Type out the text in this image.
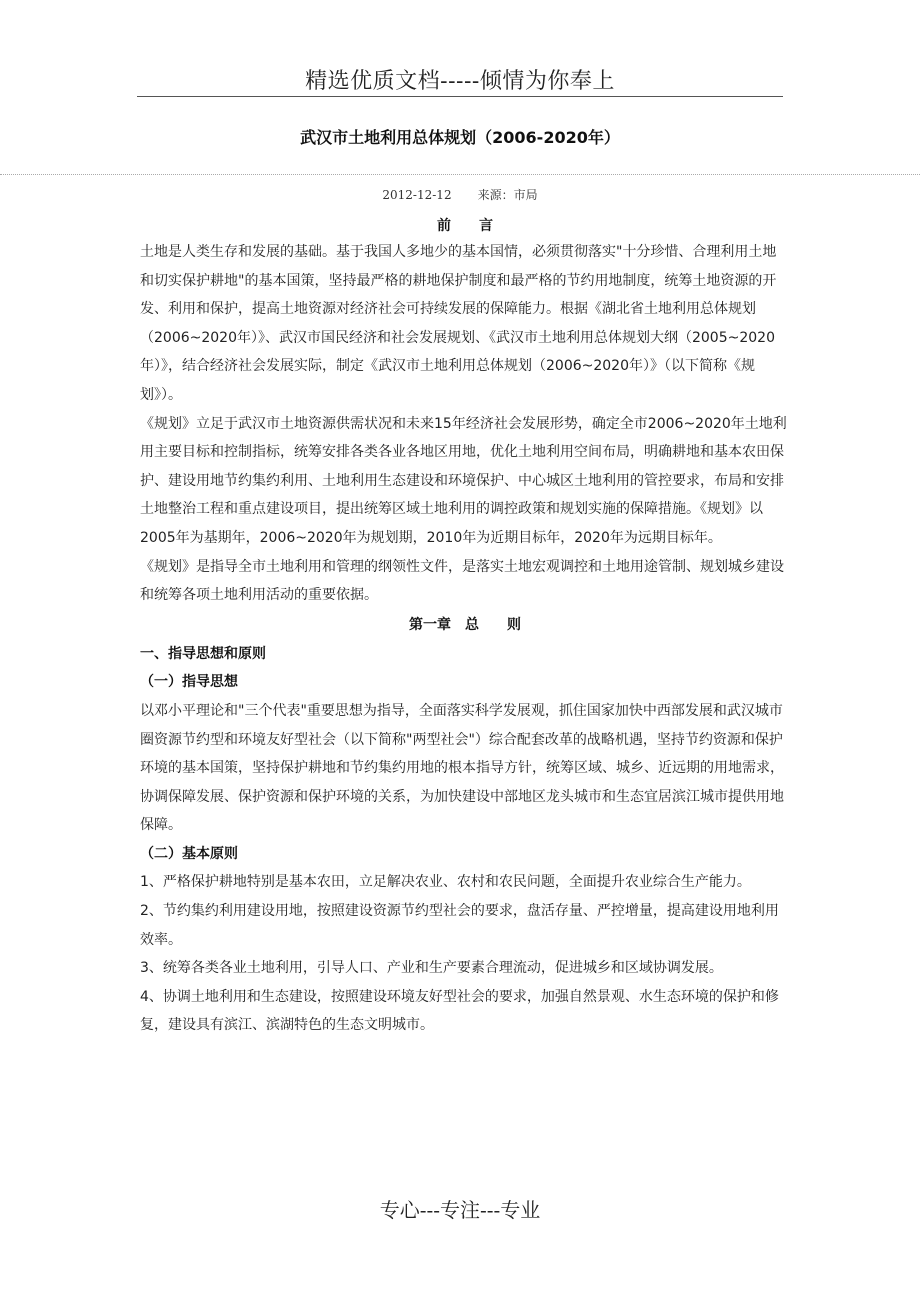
精选优质文档-----倾情为你奉上
武汉市土地利用总体规划（2006-2020年）
2012-12-12 来源：市局
前　　言

土地是人类生存和发展的基础。基于我国人多地少的基本国情，必须贯彻落实"十分珍惜、合理利用土地和切实保护耕地"的基本国策，坚持最严格的耕地保护制度和最严格的节约用地制度，统筹土地资源的开发、利用和保护，提高土地资源对经济社会可持续发展的保障能力。根据《湖北省土地利用总体规划（2006~2020年）》、武汉市国民经济和社会发展规划、《武汉市土地利用总体规划大纲（2005~2020年）》，结合经济社会发展实际，制定《武汉市土地利用总体规划（2006~2020年）》（以下简称《规划》）。

《规划》立足于武汉市土地资源供需状况和未来15年经济社会发展形势，确定全市2006~2020年土地利用主要目标和控制指标，统筹安排各类各业各地区用地，优化土地利用空间布局，明确耕地和基本农田保护、建设用地节约集约利用、土地利用生态建设和环境保护、中心城区土地利用的管控要求，布局和安排土地整治工程和重点建设项目，提出统筹区域土地利用的调控政策和规划实施的保障措施。《规划》以2005年为基期年，2006~2020年为规划期，2010年为近期目标年，2020年为远期目标年。

《规划》是指导全市土地利用和管理的纲领性文件，是落实土地宏观调控和土地用途管制、规划城乡建设和统筹各项土地利用活动的重要依据。

第一章　总　　则

一、指导思想和原则

（一）指导思想

以邓小平理论和"三个代表"重要思想为指导，全面落实科学发展观，抓住国家加快中西部发展和武汉城市圈资源节约型和环境友好型社会（以下简称"两型社会"）综合配套改革的战略机遇，坚持节约资源和保护环境的基本国策，坚持保护耕地和节约集约用地的根本指导方针，统筹区域、城乡、近远期的用地需求，协调保障发展、保护资源和保护环境的关系，为加快建设中部地区龙头城市和生态宜居滨江城市提供用地保障。

（二）基本原则

1、严格保护耕地特别是基本农田，立足解决农业、农村和农民问题，全面提升农业综合生产能力。

2、节约集约利用建设用地，按照建设资源节约型社会的要求，盘活存量、严控增量，提高建设用地利用效率。

3、统筹各类各业土地利用，引导人口、产业和生产要素合理流动，促进城乡和区域协调发展。

4、协调土地利用和生态建设，按照建设环境友好型社会的要求，加强自然景观、水生态环境的保护和修复，建设具有滨江、滨湖特色的生态文明城市。

专心---专注---专业
